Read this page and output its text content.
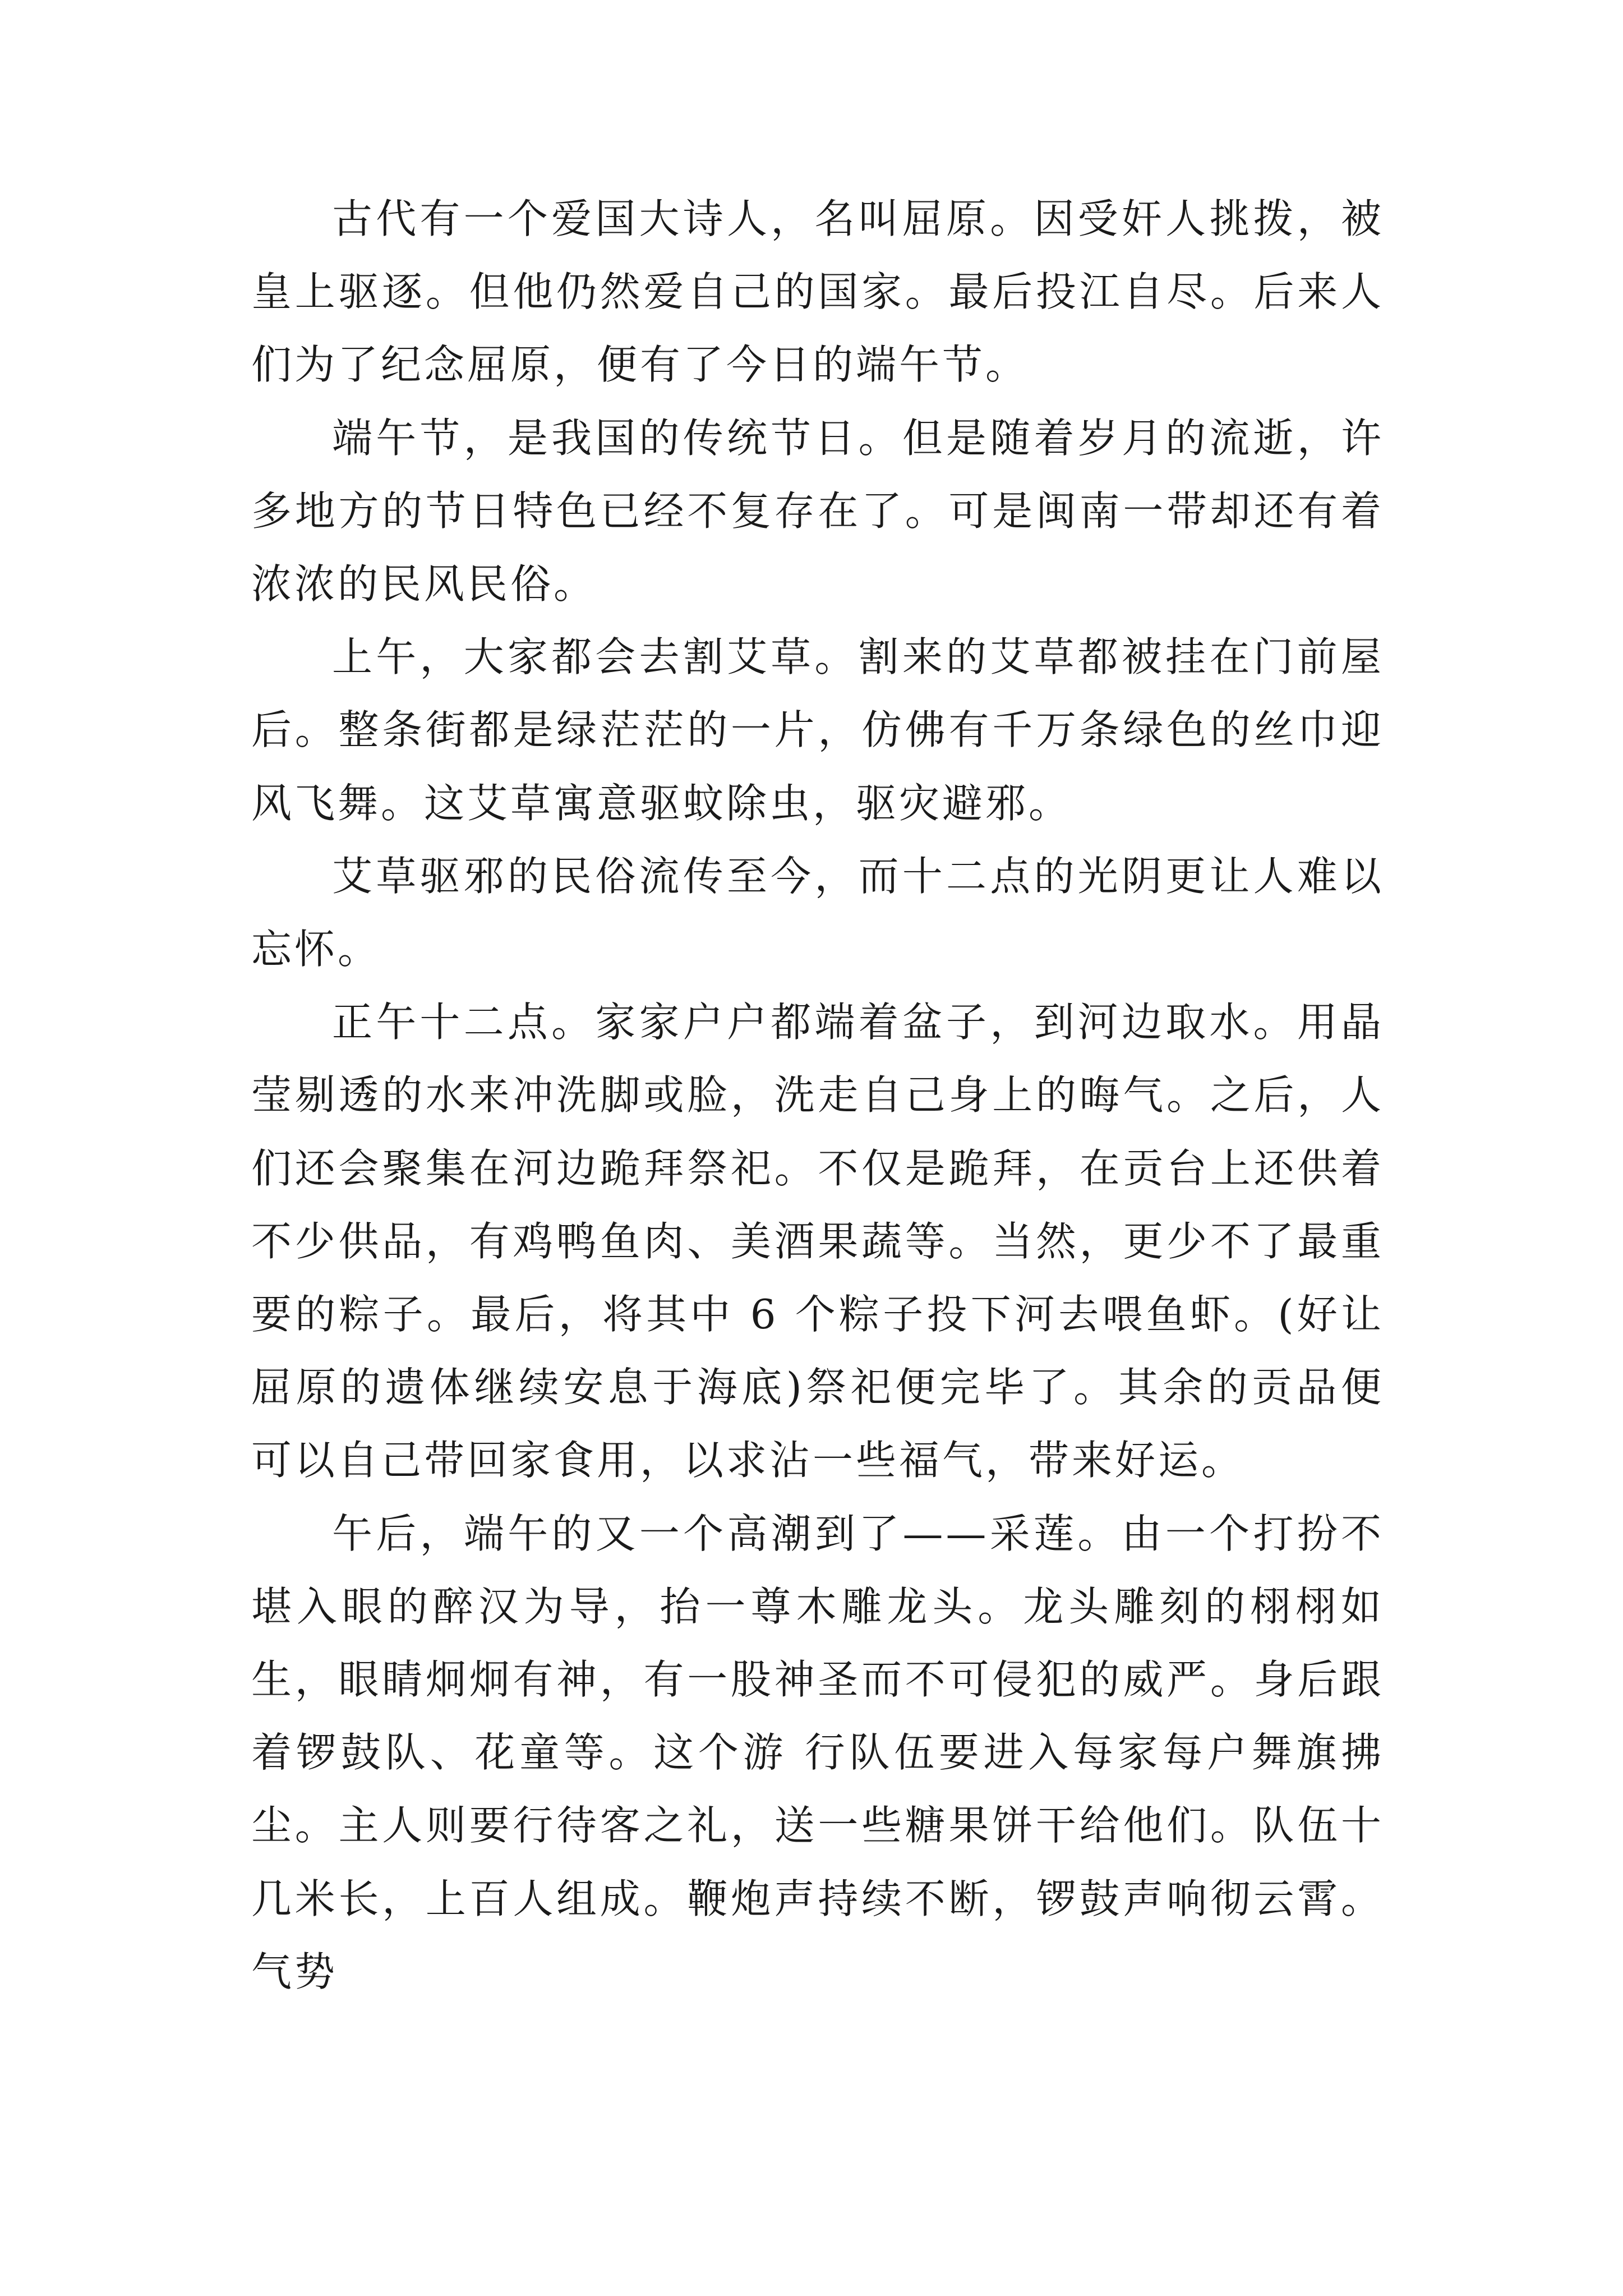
古代有一个爱国大诗人，名叫屈原。因受奸人挑拨，被皇上驱逐。但他仍然爱自己的国家。最后投江自尽。后来人们为了纪念屈原，便有了今日的端午节。

端午节，是我国的传统节日。但是随着岁月的流逝，许多地方的节日特色已经不复存在了。可是闽南一带却还有着浓浓的民风民俗。

上午，大家都会去割艾草。割来的艾草都被挂在门前屋后。整条街都是绿茫茫的一片，仿佛有千万条绿色的丝巾迎风飞舞。这艾草寓意驱蚊除虫，驱灾避邪。

艾草驱邪的民俗流传至今，而十二点的光阴更让人难以忘怀。

正午十二点。家家户户都端着盆子，到河边取水。用晶莹剔透的水来冲洗脚或脸，洗走自己身上的晦气。之后，人们还会聚集在河边跪拜祭祀。不仅是跪拜，在贡台上还供着不少供品，有鸡鸭鱼肉、美酒果蔬等。当然，更少不了最重要的粽子。最后，将其中 6 个粽子投下河去喂鱼虾。(好让屈原的遗体继续安息于海底)祭祀便完毕了。其余的贡品便可以自己带回家食用，以求沾一些福气，带来好运。

午后，端午的又一个高潮到了——采莲。由一个打扮不堪入眼的醉汉为导，抬一尊木雕龙头。龙头雕刻的栩栩如生，眼睛炯炯有神，有一股神圣而不可侵犯的威严。身后跟着锣鼓队、花童等。这个游 行队伍要进入每家每户舞旗拂尘。主人则要行待客之礼，送一些糖果饼干给他们。队伍十几米长，上百人组成。鞭炮声持续不断，锣鼓声响彻云霄。气势
